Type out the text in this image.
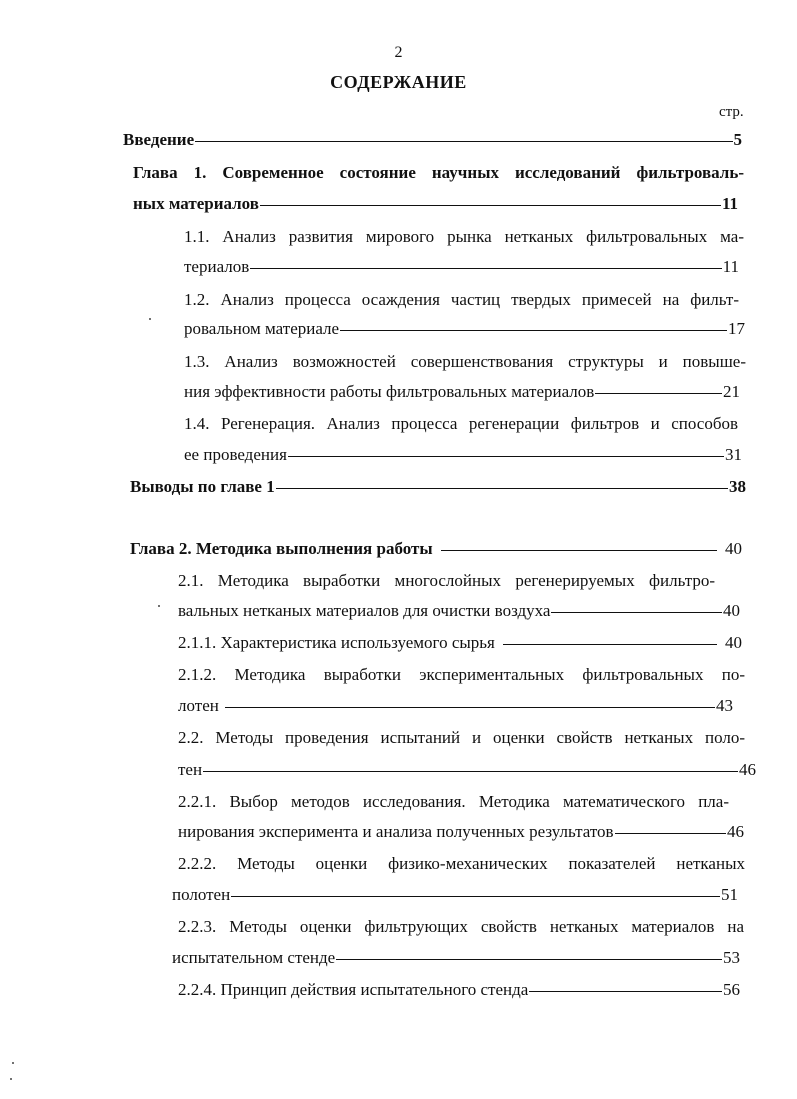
2
СОДЕРЖАНИЕ
стр.
Введение	5
Глава 1. Современное состояние научных исследований фильтроваль-
ных материалов	11
1.1. Анализ развития мирового рынка нетканых фильтровальных ма-
териалов	11
1.2. Анализ процесса осаждения частиц твердых примесей на фильт-
ровальном материале	17
1.3. Анализ возможностей совершенствования структуры и повыше-
ния эффективности работы фильтровальных материалов	21
1.4. Регенерация. Анализ процесса регенерации фильтров и способов
ее проведения	31
Выводы по главе 1	38
Глава 2. Методика выполнения работы	40
2.1. Методика выработки многослойных регенерируемых фильтро-
вальных нетканых материалов для очистки воздуха	40
2.1.1. Характеристика используемого сырья	40
2.1.2. Методика выработки экспериментальных фильтровальных по-
лотен	43
2.2. Методы проведения испытаний и оценки свойств нетканых поло-
тен	46
2.2.1. Выбор методов исследования. Методика математического пла-
нирования эксперимента и анализа полученных результатов	46
2.2.2. Методы оценки физико-механических показателей нетканых
полотен	51
2.2.3. Методы оценки фильтрующих свойств нетканых материалов на
испытательном стенде	53
2.2.4. Принцип действия испытательного стенда	56
